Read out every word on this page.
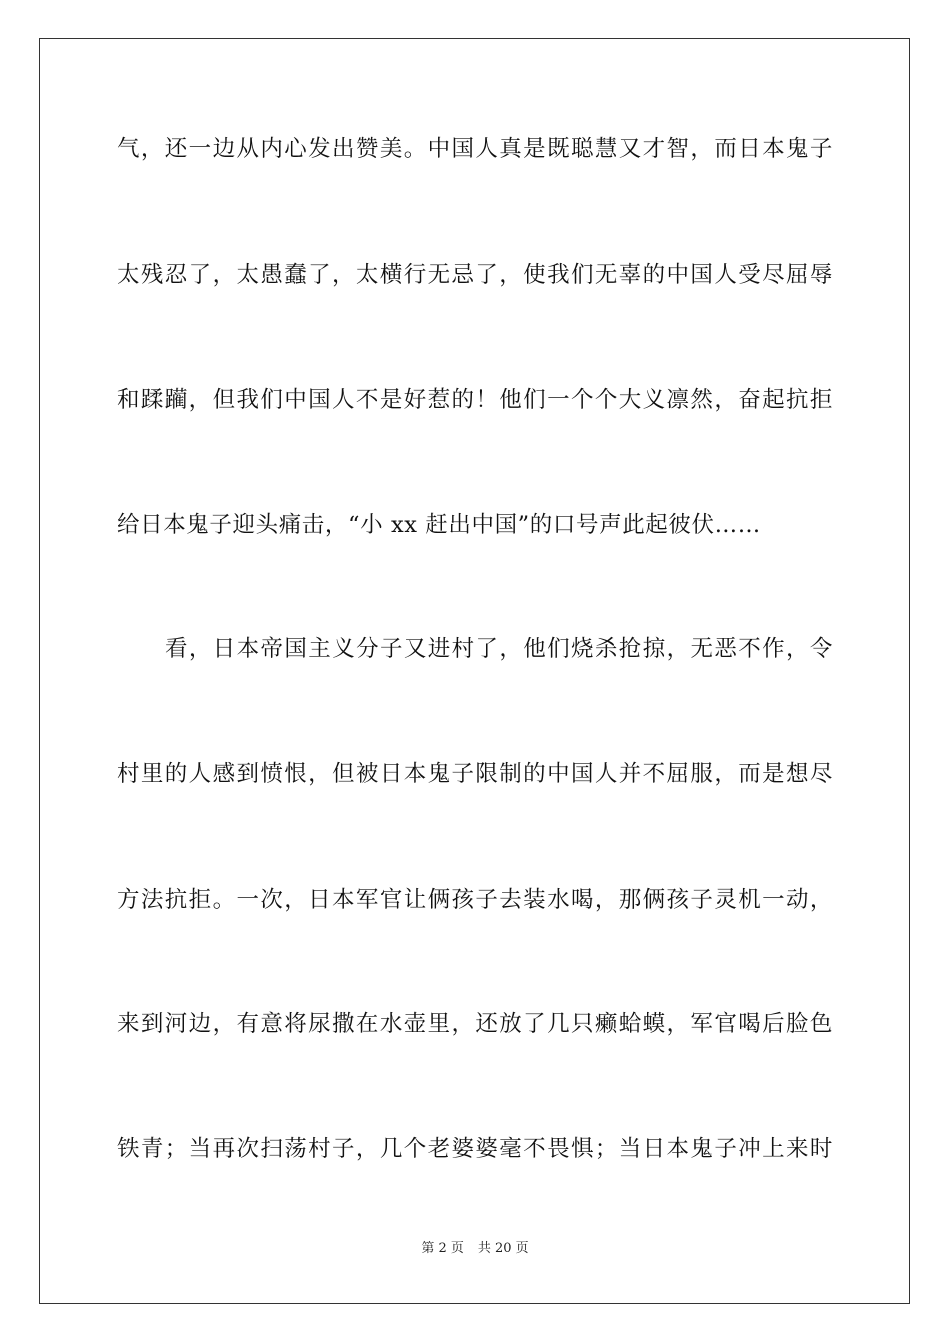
气，还一边从内心发出赞美。中国人真是既聪慧又才智，而日本鬼子
太残忍了，太愚蠢了，太横行无忌了，使我们无辜的中国人受尽屈辱
和蹂躏，但我们中国人不是好惹的！他们一个个大义凛然，奋起抗拒
给日本鬼子迎头痛击，“小 xx 赶出中国”的口号声此起彼伏……
看，日本帝国主义分子又进村了，他们烧杀抢掠，无恶不作，令
村里的人感到愤恨，但被日本鬼子限制的中国人并不屈服，而是想尽
方法抗拒。一次，日本军官让俩孩子去装水喝，那俩孩子灵机一动，
来到河边，有意将尿撒在水壶里，还放了几只癞蛤蟆，军官喝后脸色
铁青；当再次扫荡村子，几个老婆婆毫不畏惧；当日本鬼子冲上来时
第 2 页 共 20 页
